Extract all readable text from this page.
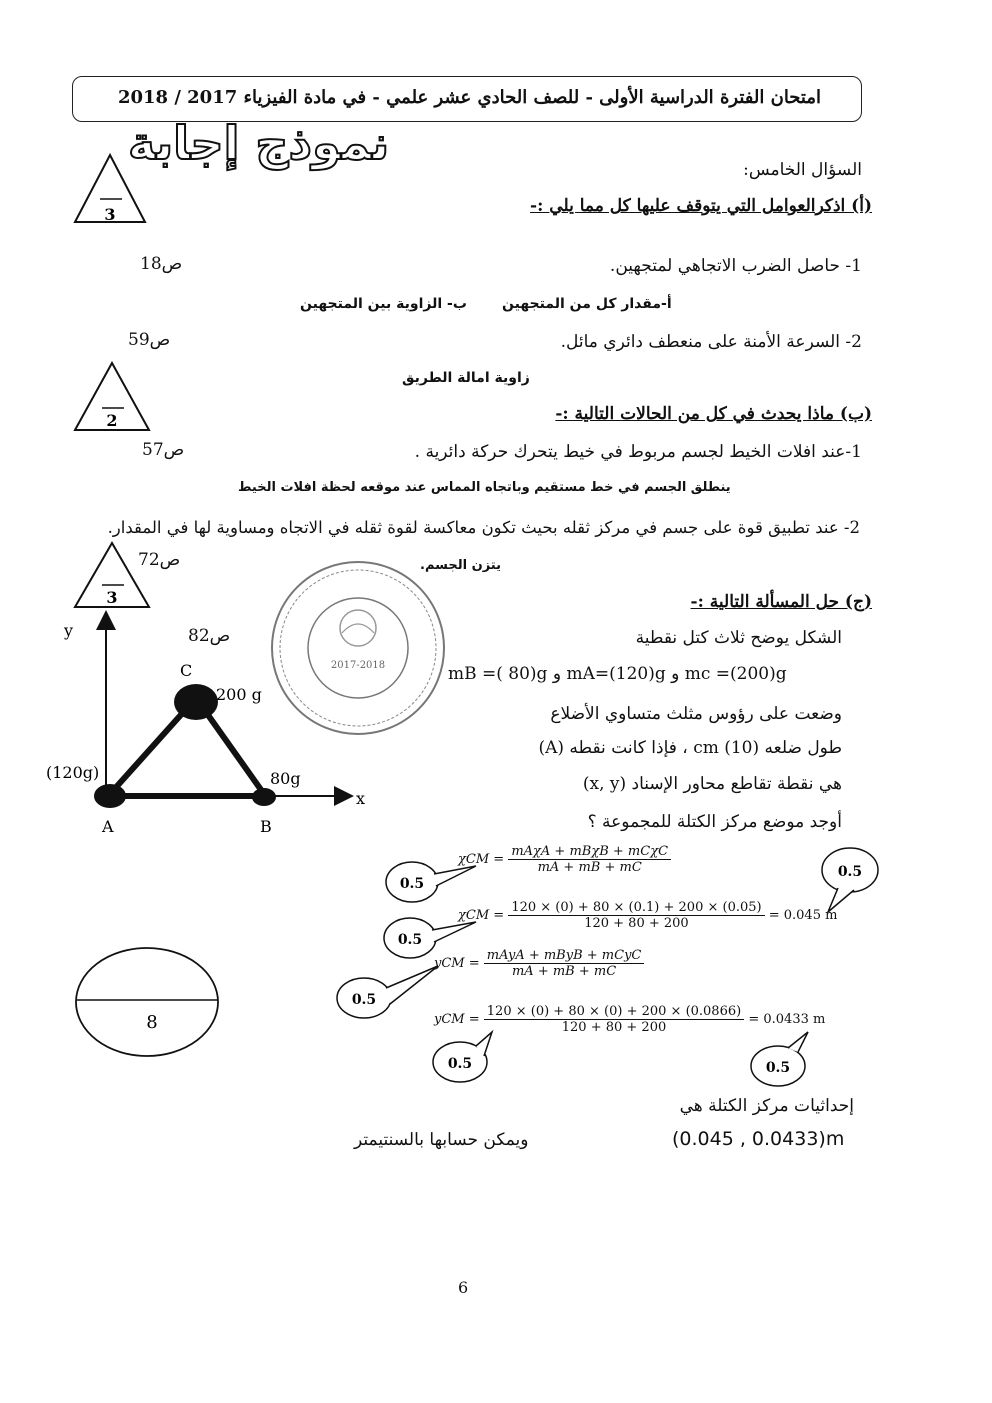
امتحان الفترة الدراسية الأولى - للصف الحادي عشر علمي - في مادة الفيزياء 2017 / 2018
نموذج إجابة
3
2
3
السؤال الخامس:
(أ) اذكرالعوامل التي يتوقف عليها كل مما يلي :-
1- حاصل الضرب الاتجاهي لمتجهين.
ص18
ب- الزاوية بين المتجهين	أ-مقدار كل من المتجهين
2- السرعة الأمنة على منعطف دائري مائل.
ص59
زاوية امالة الطريق
(ب) ماذا يحدث في كل من الحالات التالية :-
1-عند افلات الخيط لجسم مربوط في خيط يتحرك حركة دائرية .
ص57
ينطلق الجسم في خط مستقيم وباتجاه المماس عند موقعه لحظة افلات الخيط
2- عند تطبيق قوة على جسم في مركز ثقله بحيث تكون معاكسة لقوة ثقله في الاتجاه ومساوية لها في المقدار.
ص72	يتزن الجسم.
2017-2018
(ج) حل المسألة التالية :-
ص82	الشكل يوضح ثلاث كتل نقطية
mB =( 80)g و mA=(120)g و mc =(200)g
وضعت على رؤوس مثلث متساوي الأضلاع
طول ضلعه cm (10) ، فإذا كانت نقطه (A)
هي نقطة تقاطع محاور الإسناد (x, y)
أوجد موضع مركز الكتلة للمجموعة ؟
y
x
C
200 g
(120g)	80g
A	B
8
0.5
0.5
0.5
0.5
0.5	0.5
$\chi CM = \frac{\text{mAχA + mBχB + mCχC}}{mA + mB + mC}$
$\chi CM = \frac{120 \times (0) + 80 \times (0.1) + 200 \times (0.05)}{120 + 80 + 200} = 0.045$ m
yCM = $\frac{\text{mAyA + mByB + mCyC}}{mA + mB + mC}$
yCM = $\frac{120 \times (0) + 80 \times (0) + 200 \times (0.0866)}{120 + 80 + 200} = 0.0433$ m
إحداثيات مركز الكتلة هي
(0.045 , 0.0433)m
ويمكن حسابها بالسنتيمتر
6
